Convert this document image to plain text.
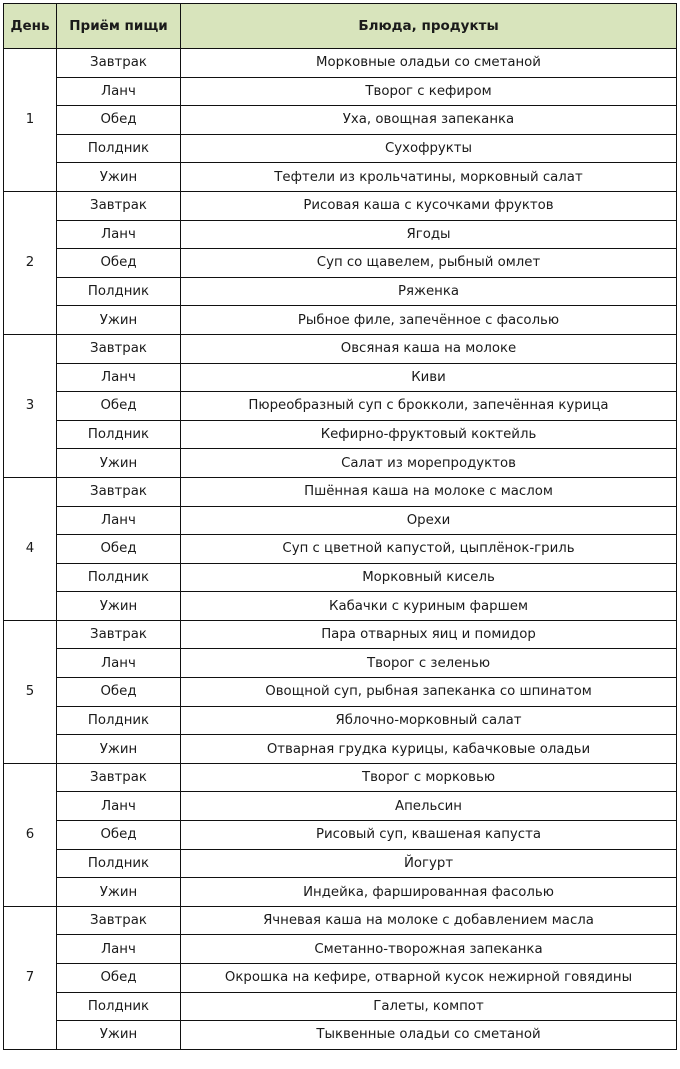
День	Приём пищи	Блюда, продукты
1	Завтрак	Морковные оладьи со сметаной
	Ланч	Творог с кефиром
	Обед	Уха, овощная запеканка
	Полдник	Сухофрукты
	Ужин	Тефтели из крольчатины, морковный салат
2	Завтрак	Рисовая каша с кусочками фруктов
	Ланч	Ягоды
	Обед	Суп со щавелем, рыбный омлет
	Полдник	Ряженка
	Ужин	Рыбное филе, запечённое с фасолью
3	Завтрак	Овсяная каша на молоке
	Ланч	Киви
	Обед	Пюреобразный суп с брокколи, запечённая курица
	Полдник	Кефирно-фруктовый коктейль
	Ужин	Салат из морепродуктов
4	Завтрак	Пшённая каша на молоке с маслом
	Ланч	Орехи
	Обед	Суп с цветной капустой, цыплёнок-гриль
	Полдник	Морковный кисель
	Ужин	Кабачки с куриным фаршем
5	Завтрак	Пара отварных яиц и помидор
	Ланч	Творог с зеленью
	Обед	Овощной суп, рыбная запеканка со шпинатом
	Полдник	Яблочно-морковный салат
	Ужин	Отварная грудка курицы, кабачковые оладьи
6	Завтрак	Творог с морковью
	Ланч	Апельсин
	Обед	Рисовый суп, квашеная капуста
	Полдник	Йогурт
	Ужин	Индейка, фаршированная фасолью
7	Завтрак	Ячневая каша на молоке с добавлением масла
	Ланч	Сметанно-творожная запеканка
	Обед	Окрошка на кефире, отварной кусок нежирной говядины
	Полдник	Галеты, компот
	Ужин	Тыквенные оладьи со сметаной
